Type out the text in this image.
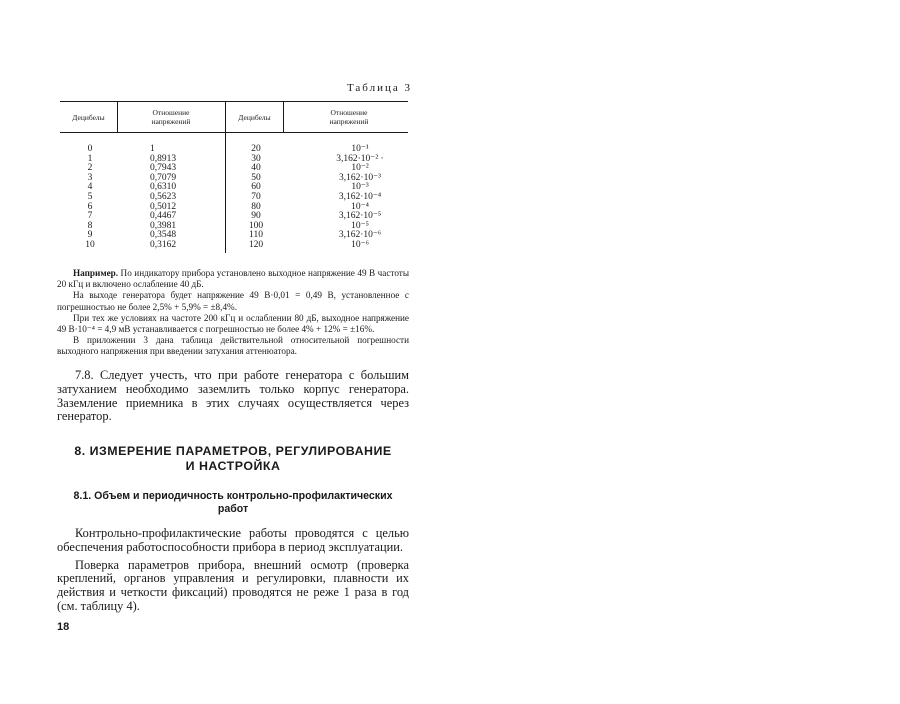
Таблица 3
Децибелы
Отношение напряжений	Децибелы
Отношение напряжений
0
1
2
3
4
5
6
7
8
9
10
1
0,8913
0,7943
0,7079
0,6310
0,5623
0,5012
0,4467
0,3981
0,3548
0,3162
20
30
40
50
60
70
80
90
100
110
120
10⁻¹
3,162·10⁻² ·
10⁻²
3,162·10⁻³
10⁻³
3,162·10⁻⁴
10⁻⁴
3,162·10⁻⁵
10⁻⁵
3,162·10⁻⁶
10⁻⁶

Например. По индикатору прибора установлено выходное напряжение 49 В частоты 20 кГц и включено ослабление 40 дБ.

На выходе генератора будет напряжение 49 В·0,01 = 0,49 В, установленное с погрешностью не более 2,5% + 5,9% = ±8,4%.

При тех же условиях на частоте 200 кГц и ослаблении 80 дБ, выходное напряжение 49 В·10⁻⁴ = 4,9 мВ устанавливается с погрешностью не более 4% + 12% = ±16%.

В приложении 3 дана таблица действительной относительной погрешности выходного напряжения при введении затухания аттенюатора.

7.8. Следует учесть, что при работе генератора с большим затуханием необходимо заземлить только корпус генератора. Заземление приемника в этих случаях осуществляется через генератор.

8. ИЗМЕРЕНИЕ ПАРАМЕТРОВ, РЕГУЛИРОВАНИЕ
И НАСТРОЙКА
8.1. Объем и периодичность контрольно-профилактических
работ

Контрольно-профилактические работы проводятся с целью обеспечения работоспособности прибора в период эксплуатации.

Поверка параметров прибора, внешний осмотр (проверка креплений, органов управления и регулировки, плавности их действия и четкости фиксаций) проводятся не реже 1 раза в год (см. таблицу 4).

18
